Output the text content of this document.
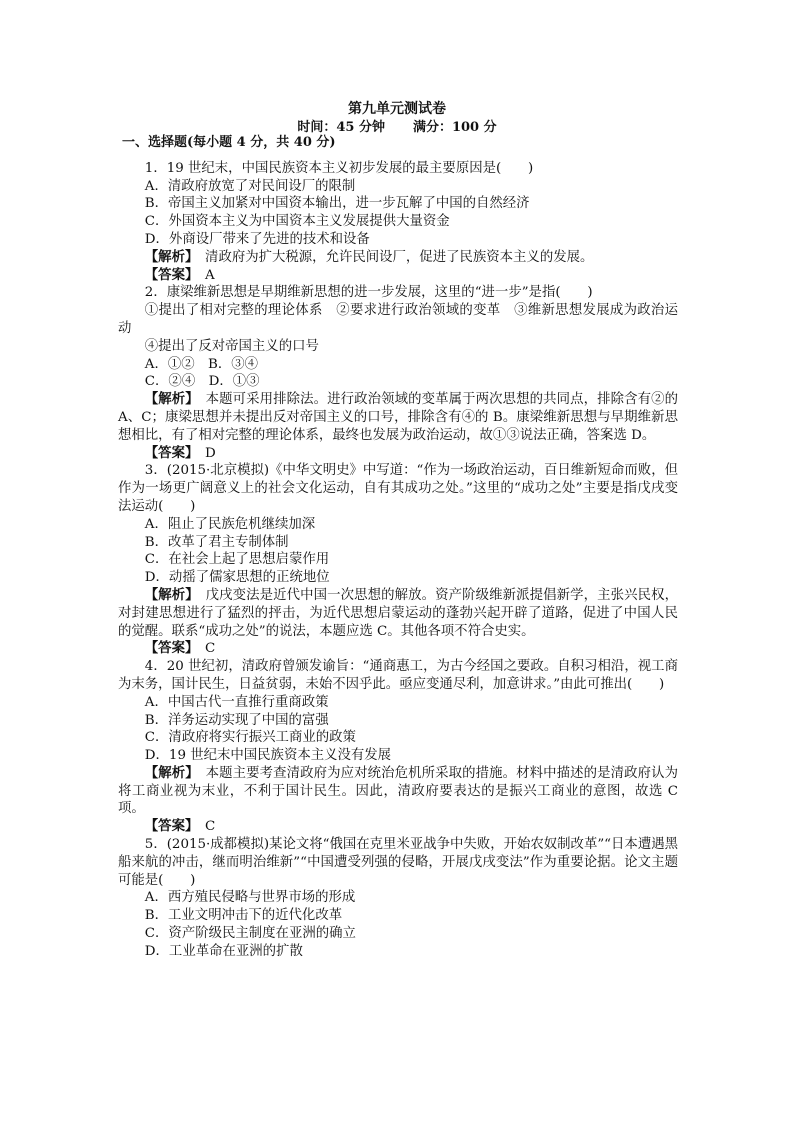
第九单元测试卷
时间：45 分钟 满分：100 分
一、选择题(每小题 4 分，共 40 分)

1．19 世纪末，中国民族资本主义初步发展的最主要原因是(　　)

A．清政府放宽了对民间设厂的限制

B．帝国主义加紧对中国资本输出，进一步瓦解了中国的自然经济

C．外国资本主义为中国资本主义发展提供大量资金

D．外商设厂带来了先进的技术和设备

【解析】　清政府为扩大税源，允许民间设厂，促进了民族资本主义的发展。

【答案】　A

2．康梁维新思想是早期维新思想的进一步发展，这里的“进一步”是指(　　)

①提出了相对完整的理论体系　②要求进行政治领域的变革　③维新思想发展成为政治运动

④提出了反对帝国主义的口号

A．①②　B．③④

C．②④　D．①③

【解析】　本题可采用排除法。进行政治领域的变革属于两次思想的共同点，排除含有②的 A、C；康梁思想并未提出反对帝国主义的口号，排除含有④的 B。康梁维新思想与早期维新思想相比，有了相对完整的理论体系，最终也发展为政治运动，故①③说法正确，答案选 D。

【答案】　D

3．(2015·北京模拟)《中华文明史》中写道：“作为一场政治运动，百日维新短命而败，但作为一场更广阔意义上的社会文化运动，自有其成功之处。”这里的“成功之处”主要是指戊戌变法运动(　　)

A．阻止了民族危机继续加深

B．改革了君主专制体制

C．在社会上起了思想启蒙作用

D．动摇了儒家思想的正统地位

【解析】　戊戌变法是近代中国一次思想的解放。资产阶级维新派提倡新学，主张兴民权，对封建思想进行了猛烈的抨击，为近代思想启蒙运动的蓬勃兴起开辟了道路，促进了中国人民的觉醒。联系“成功之处”的说法，本题应选 C。其他各项不符合史实。

【答案】　C

4．20 世纪初，清政府曾颁发谕旨：“通商惠工，为古今经国之要政。自积习相沿，视工商为末务，国计民生，日益贫弱，未始不因乎此。亟应变通尽利，加意讲求。”由此可推出(　　)

A．中国古代一直推行重商政策

B．洋务运动实现了中国的富强

C．清政府将实行振兴工商业的政策

D．19 世纪末中国民族资本主义没有发展

【解析】　本题主要考查清政府为应对统治危机所采取的措施。材料中描述的是清政府认为将工商业视为末业，不利于国计民生。因此，清政府要表达的是振兴工商业的意图，故选 C 项。

【答案】　C

5．(2015·成都模拟)某论文将“俄国在克里米亚战争中失败，开始农奴制改革”“日本遭遇黑船来航的冲击，继而明治维新”“中国遭受列强的侵略，开展戊戌变法”作为重要论据。论文主题可能是(　　)

A．西方殖民侵略与世界市场的形成

B．工业文明冲击下的近代化改革

C．资产阶级民主制度在亚洲的确立

D．工业革命在亚洲的扩散
